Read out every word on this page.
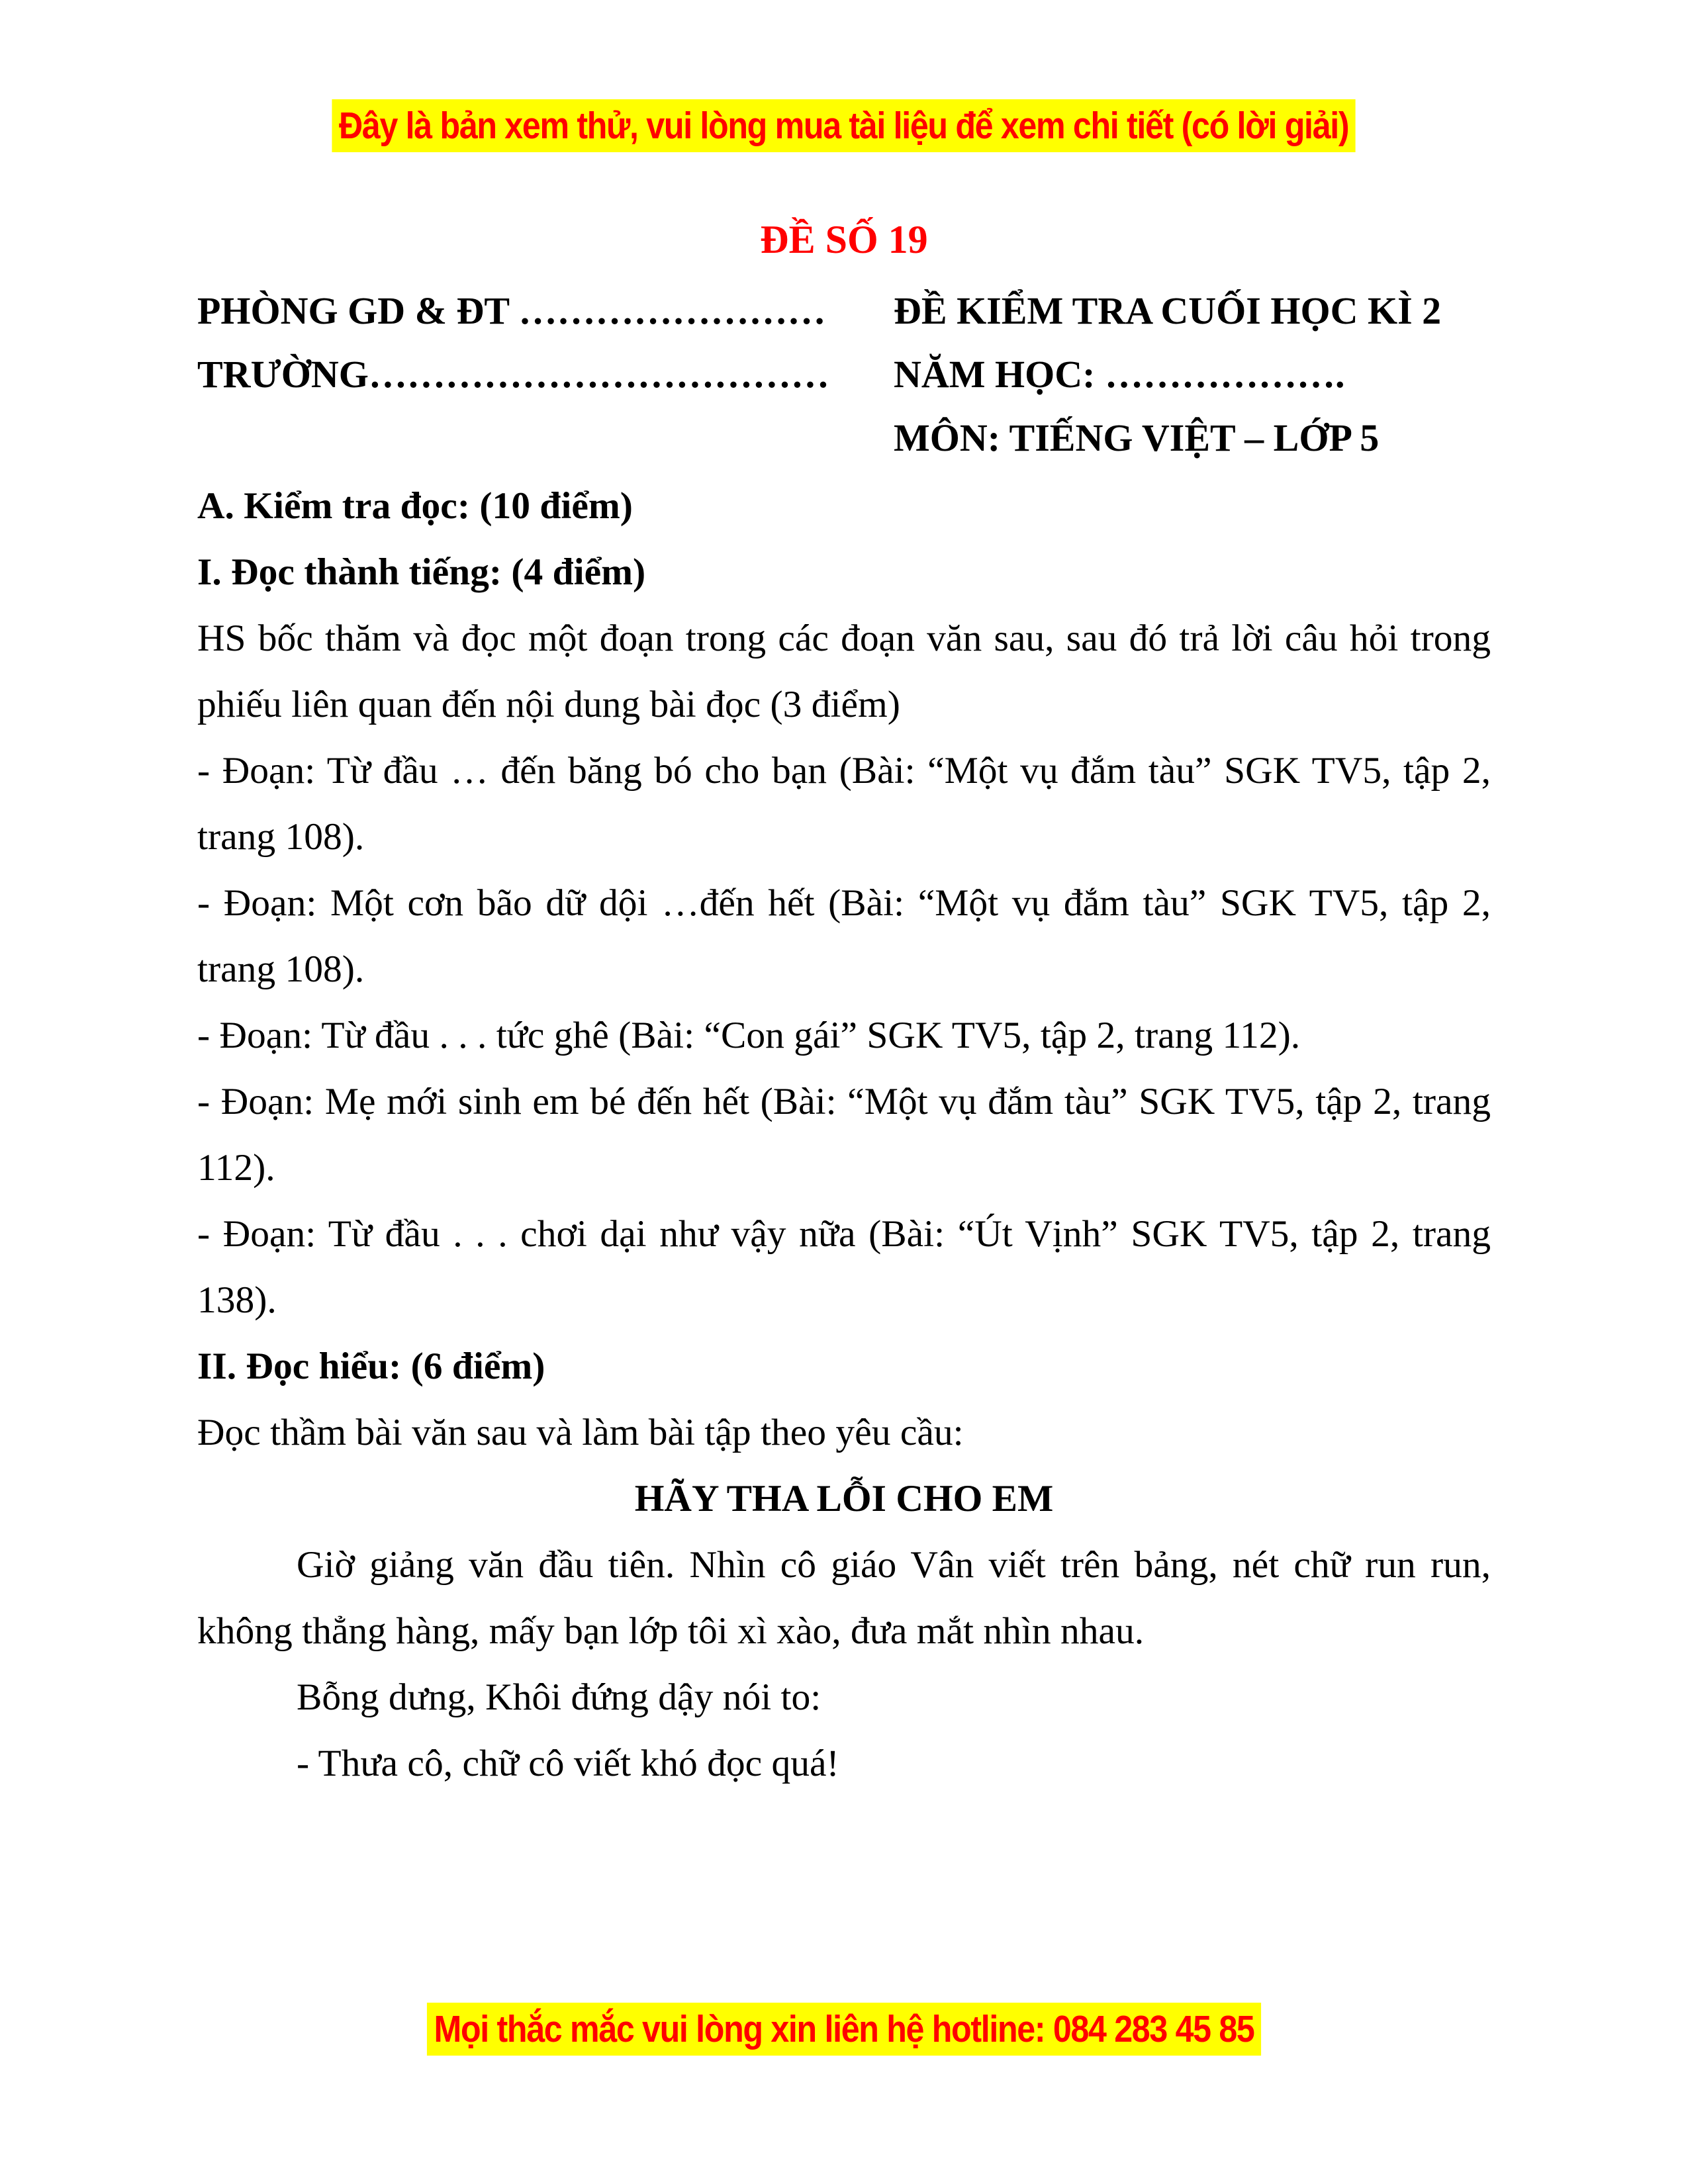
Đây là bản xem thử, vui lòng mua tài liệu để xem chi tiết (có lời giải)
ĐỀ SỐ 19
PHÒNG GD & ĐT ……………………
TRƯỜNG………………………………
ĐỀ KIỂM TRA CUỐI HỌC KÌ 2
NĂM HỌC: ……………….
MÔN: TIẾNG VIỆT – LỚP 5

A. Kiểm tra đọc: (10 điểm)

I. Đọc thành tiếng: (4 điểm)

HS bốc thăm và đọc một đoạn trong các đoạn văn sau, sau đó trả lời câu hỏi trong phiếu liên quan đến nội dung bài đọc (3 điểm)

- Đoạn: Từ đầu … đến băng bó cho bạn (Bài: “Một vụ đắm tàu” SGK TV5, tập 2, trang 108).

- Đoạn: Một cơn bão dữ dội …đến hết (Bài: “Một vụ đắm tàu” SGK TV5, tập 2, trang 108).

- Đoạn: Từ đầu . . . tức ghê (Bài: “Con gái” SGK TV5, tập 2, trang 112).

- Đoạn: Mẹ mới sinh em bé đến hết (Bài: “Một vụ đắm tàu” SGK TV5, tập 2, trang 112).

- Đoạn: Từ đầu . . . chơi dại như vậy nữa (Bài: “Út Vịnh” SGK TV5, tập 2, trang 138).

II. Đọc hiểu: (6 điểm)

Đọc thầm bài văn sau và làm bài tập theo yêu cầu:

HÃY THA LỖI CHO EM

Giờ giảng văn đầu tiên. Nhìn cô giáo Vân viết trên bảng, nét chữ run run, không thẳng hàng, mấy bạn lớp tôi xì xào, đưa mắt nhìn nhau.

Bỗng dưng, Khôi đứng dậy nói to:

- Thưa cô, chữ cô viết khó đọc quá!

Mọi thắc mắc vui lòng xin liên hệ hotline: 084 283 45 85
